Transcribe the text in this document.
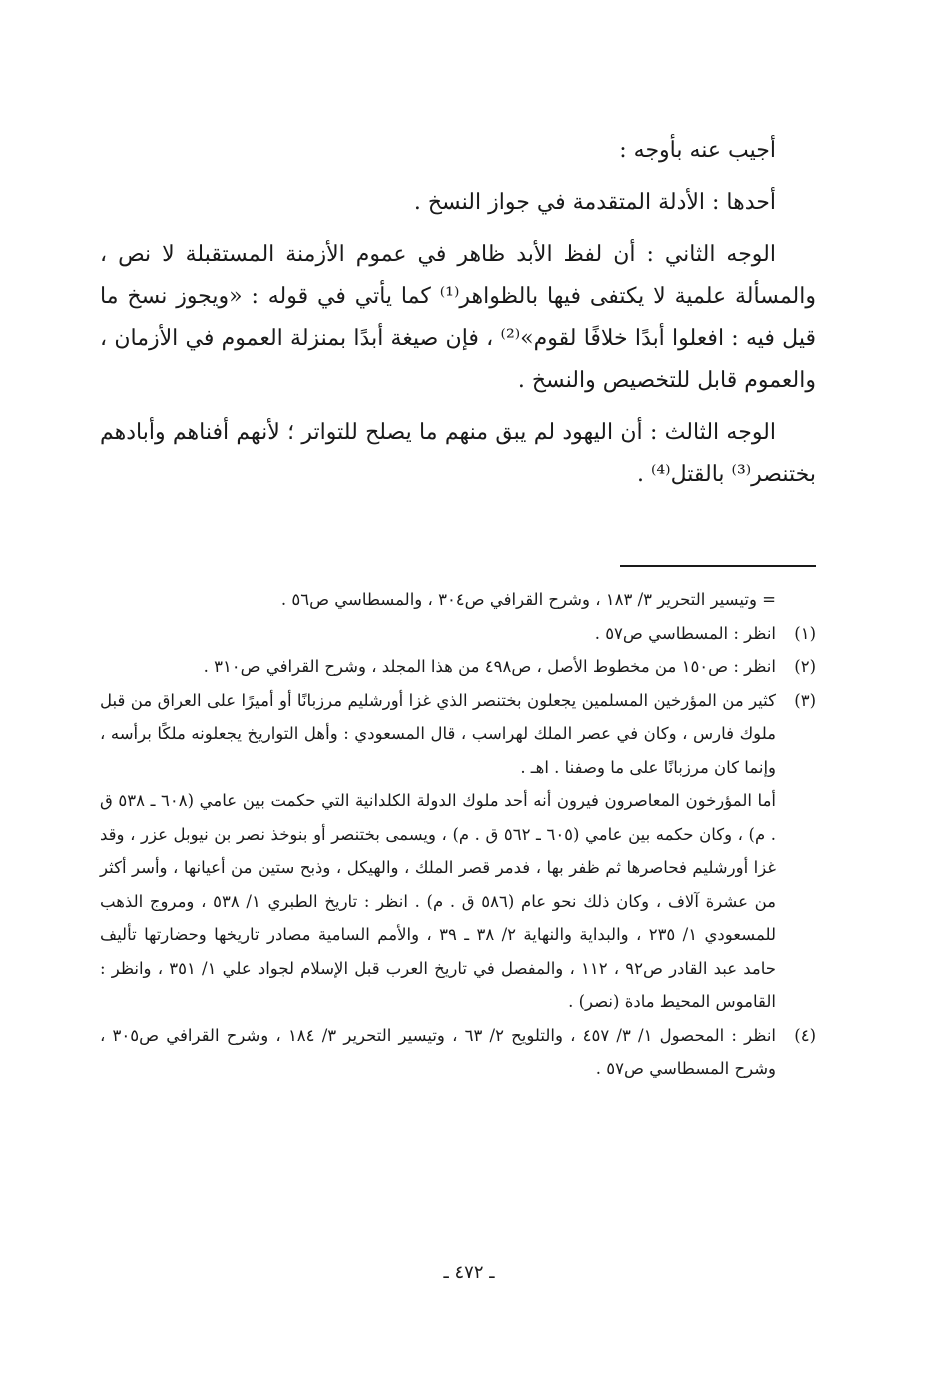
أجيب عنه بأوجه :

أحدها : الأدلة المتقدمة في جواز النسخ .

الوجه الثاني : أن لفظ الأبد ظاهر في عموم الأزمنة المستقبلة لا نص ، والمسألة علمية لا يكتفى فيها بالظواهر⁽¹⁾ كما يأتي في قوله : «ويجوز نسخ ما قيل فيه : افعلوا أبدًا خلافًا لقوم»⁽²⁾ ، فإن صيغة أبدًا بمنزلة العموم في الأزمان ، والعموم قابل للتخصيص والنسخ .

الوجه الثالث : أن اليهود لم يبق منهم ما يصلح للتواتر ؛ لأنهم أفناهم وأبادهم بختنصر⁽³⁾ بالقتل⁽⁴⁾ .

= وتيسير التحرير ٣/ ١٨٣ ، وشرح القرافي ص٣٠٤ ، والمسطاسي ص٥٦ .
(١)
انظر : المسطاسي ص٥٧ .
(٢)
انظر : ص١٥٠ من مخطوط الأصل ، ص٤٩٨ من هذا المجلد ، وشرح القرافي ص٣١٠ .
(٣)
كثير من المؤرخين المسلمين يجعلون بختنصر الذي غزا أورشليم مرزبانًا أو أميرًا على العراق من قبل ملوك فارس ، وكان في عصر الملك لهراسب ، قال المسعودي : وأهل التواريخ يجعلونه ملكًا برأسه ، وإنما كان مرزبانًا على ما وصفنا . اهـ .
أما المؤرخون المعاصرون فيرون أنه أحد ملوك الدولة الكلدانية التي حكمت بين عامي (٦٠٨ ـ ٥٣٨ ق . م) ، وكان حكمه بين عامي (٦٠٥ ـ ٥٦٢ ق . م) ، ويسمى بختنصر أو بنوخذ نصر بن نيوبل عزر ، وقد غزا أورشليم فحاصرها ثم ظفر بها ، فدمر قصر الملك ، والهيكل ، وذبح ستين من أعيانها ، وأسر أكثر من عشرة آلاف ، وكان ذلك نحو عام (٥٨٦ ق . م) . انظر : تاريخ الطبري ١/ ٥٣٨ ، ومروج الذهب للمسعودي ١/ ٢٣٥ ، والبداية والنهاية ٢/ ٣٨ ـ ٣٩ ، والأمم السامية مصادر تاريخها وحضارتها تأليف حامد عبد القادر ص٩٢ ، ١١٢ ، والمفصل في تاريخ العرب قبل الإسلام لجواد علي ١/ ٣٥١ ، وانظر : القاموس المحيط مادة (نصر) .
(٤)
انظر : المحصول ١/ ٣/ ٤٥٧ ، والتلويح ٢/ ٦٣ ، وتيسير التحرير ٣/ ١٨٤ ، وشرح القرافي ص٣٠٥ ، وشرح المسطاسي ص٥٧ .
ـ ٤٧٢ ـ
